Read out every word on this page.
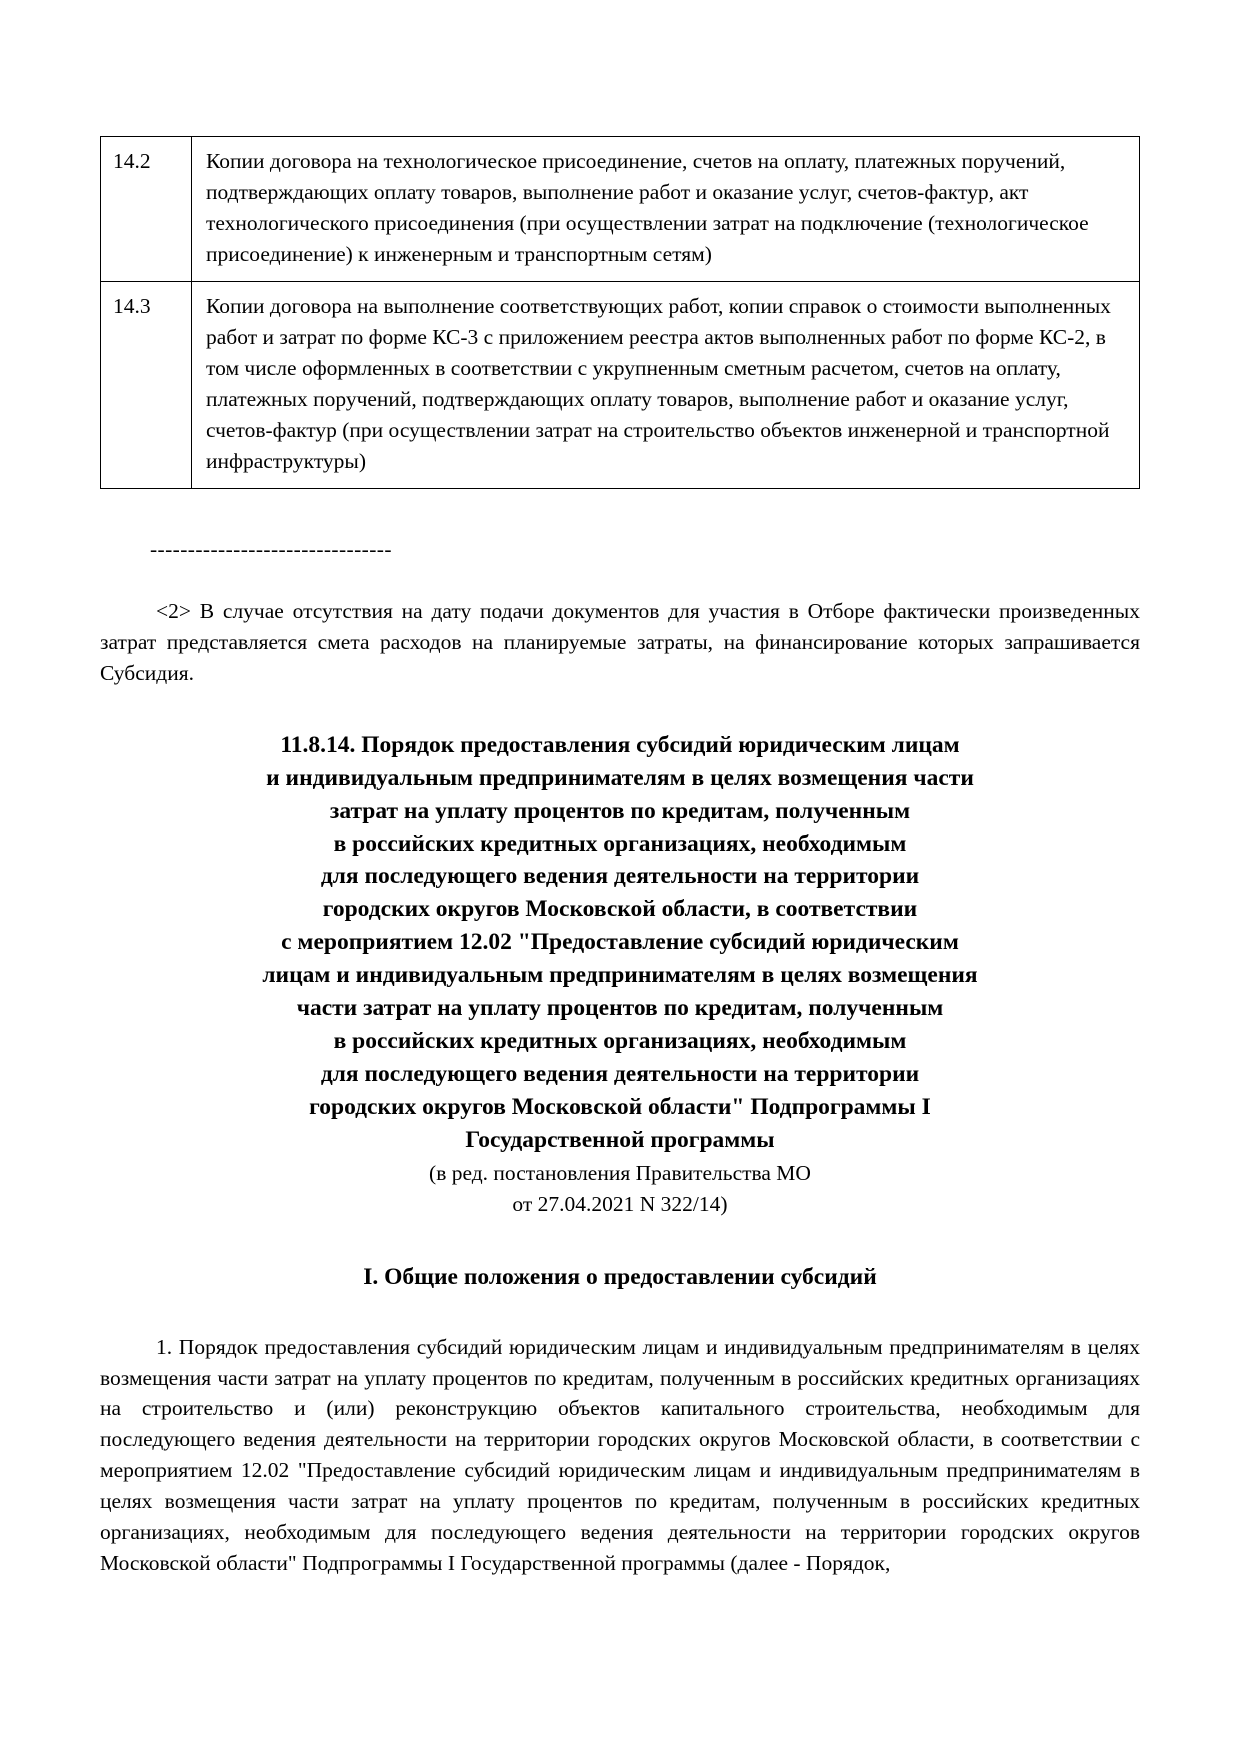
14.2	Копии договора на технологическое присоединение, счетов на оплату, платежных поручений, подтверждающих оплату товаров, выполнение работ и оказание услуг, счетов-фактур, акт технологического присоединения (при осуществлении затрат на подключение (технологическое присоединение) к инженерным и транспортным сетям)
14.3	Копии договора на выполнение соответствующих работ, копии справок о стоимости выполненных работ и затрат по форме КС-3 с приложением реестра актов выполненных работ по форме КС-2, в том числе оформленных в соответствии с укрупненным сметным расчетом, счетов на оплату, платежных поручений, подтверждающих оплату товаров, выполнение работ и оказание услуг, счетов-фактур (при осуществлении затрат на строительство объектов инженерной и транспортной инфраструктуры)
--------------------------------

<2> В случае отсутствия на дату подачи документов для участия в Отборе фактически произведенных затрат представляется смета расходов на планируемые затраты, на финансирование которых запрашивается Субсидия.

11.8.14. Порядок предоставления субсидий юридическим лицам
и индивидуальным предпринимателям в целях возмещения части
затрат на уплату процентов по кредитам, полученным
в российских кредитных организациях, необходимым
для последующего ведения деятельности на территории
городских округов Московской области, в соответствии
с мероприятием 12.02 "Предоставление субсидий юридическим
лицам и индивидуальным предпринимателям в целях возмещения
части затрат на уплату процентов по кредитам, полученным
в российских кредитных организациях, необходимым
для последующего ведения деятельности на территории
городских округов Московской области" Подпрограммы I
Государственной программы
(в ред. постановления Правительства МО
от 27.04.2021 N 322/14)
I. Общие положения о предоставлении субсидий

1. Порядок предоставления субсидий юридическим лицам и индивидуальным предпринимателям в целях возмещения части затрат на уплату процентов по кредитам, полученным в российских кредитных организациях на строительство и (или) реконструкцию объектов капитального строительства, необходимым для последующего ведения деятельности на территории городских округов Московской области, в соответствии с мероприятием 12.02 "Предоставление субсидий юридическим лицам и индивидуальным предпринимателям в целях возмещения части затрат на уплату процентов по кредитам, полученным в российских кредитных организациях, необходимым для последующего ведения деятельности на территории городских округов Московской области" Подпрограммы I Государственной программы (далее - Порядок,
